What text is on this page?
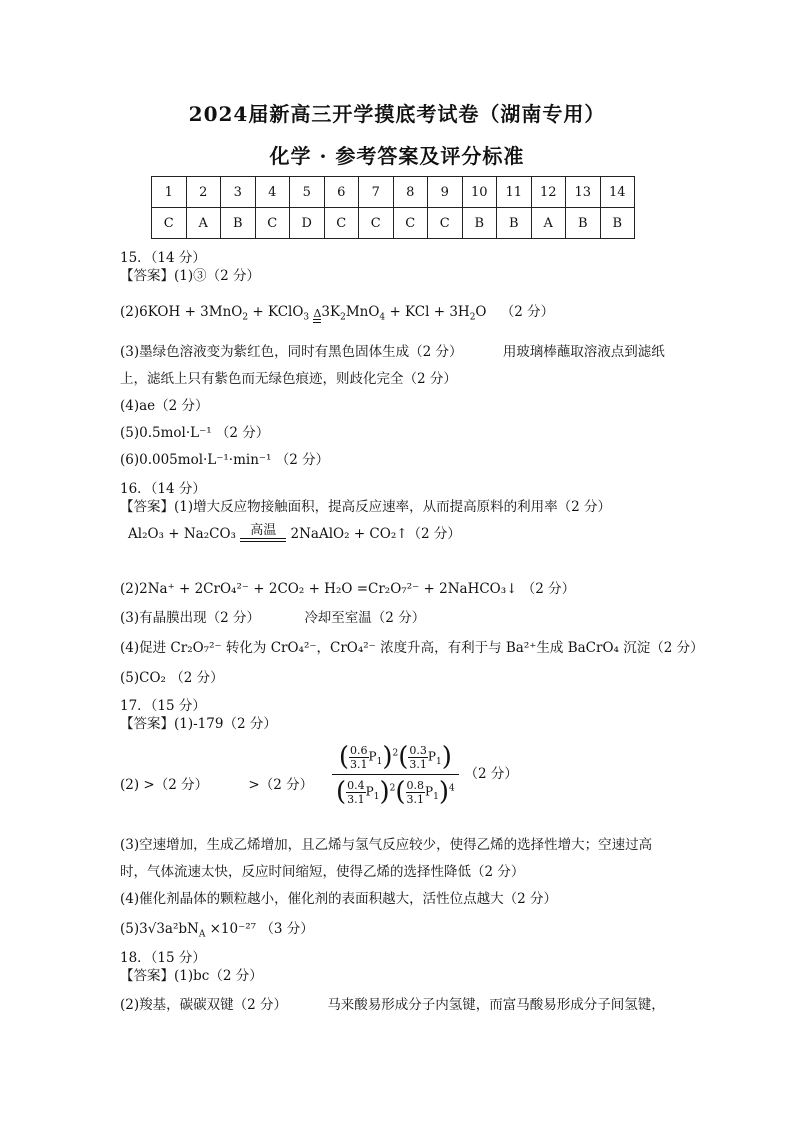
2024届新高三开学摸底考试卷（湖南专用）
化学 · 参考答案及评分标准
1	2	3	4	5	6	7	8	9	10	11	12	13	14
C	A	B	C	D	C	C	C	C	B	B	A	B	B
15．（14 分）
【答案】(1)③（2 分）
(2)6KOH + 3MnO$_2$ + KClO$_3$ Δ $3K_2MnO_4$ + KCl + $3H_2O$ （2 分）
(3)墨绿色溶液变为紫红色，同时有黑色固体生成（2 分）	用玻璃棒蘸取溶液点到滤纸
上，滤纸上只有紫色而无绿色痕迹，则歧化完全（2 分）
(4)ae（2 分）
(5)0.5mol·L⁻¹ （2 分）
(6)0.005mol·L⁻¹·min⁻¹ （2 分）
16．（14 分）
【答案】(1)增大反应物接触面积，提高反应速率，从而提高原料的利用率（2 分）
Al₂O₃ + Na₂CO₃	高温	2NaAlO₂ + CO₂↑（2 分）
(2)2Na⁺ + 2CrO₄²⁻ + 2CO₂ + H₂O =Cr₂O₇²⁻ + 2NaHCO₃↓ （2 分）
(3)有晶膜出现（2 分）	冷却至室温（2 分）
(4)促进 Cr₂O₇²⁻ 转化为 CrO₄²⁻，CrO₄²⁻ 浓度升高，有利于与 Ba²⁺生成 BaCrO₄ 沉淀（2 分）
(5)CO₂ （2 分）
17．（15 分）
【答案】(1)-179（2 分）
(2) >（2 分）	>（2 分） $\frac{( \frac{0.6}{3.1} P_1)^2( \frac{0.3}{3.1} P_1)}{( \frac{0.4}{3.1} P_1)^2( \frac{0.8}{3.1} P_1)^4} (2$ 分）
(3)空速增加，生成乙烯增加，且乙烯与氢气反应较少，使得乙烯的选择性增大；空速过高
时，气体流速太快，反应时间缩短，使得乙烯的选择性降低（2 分）
(4)催化剂晶体的颗粒越小，催化剂的表面积越大，活性位点越大（2 分）
$(5)3√3a^2bN_A \times 10^{-27}$ （3 分）
18．（15 分）
【答案】(1)bc（2 分）
(2)羧基，碳碳双键（2 分）	马来酸易形成分子内氢键，而富马酸易形成分子间氢键，
